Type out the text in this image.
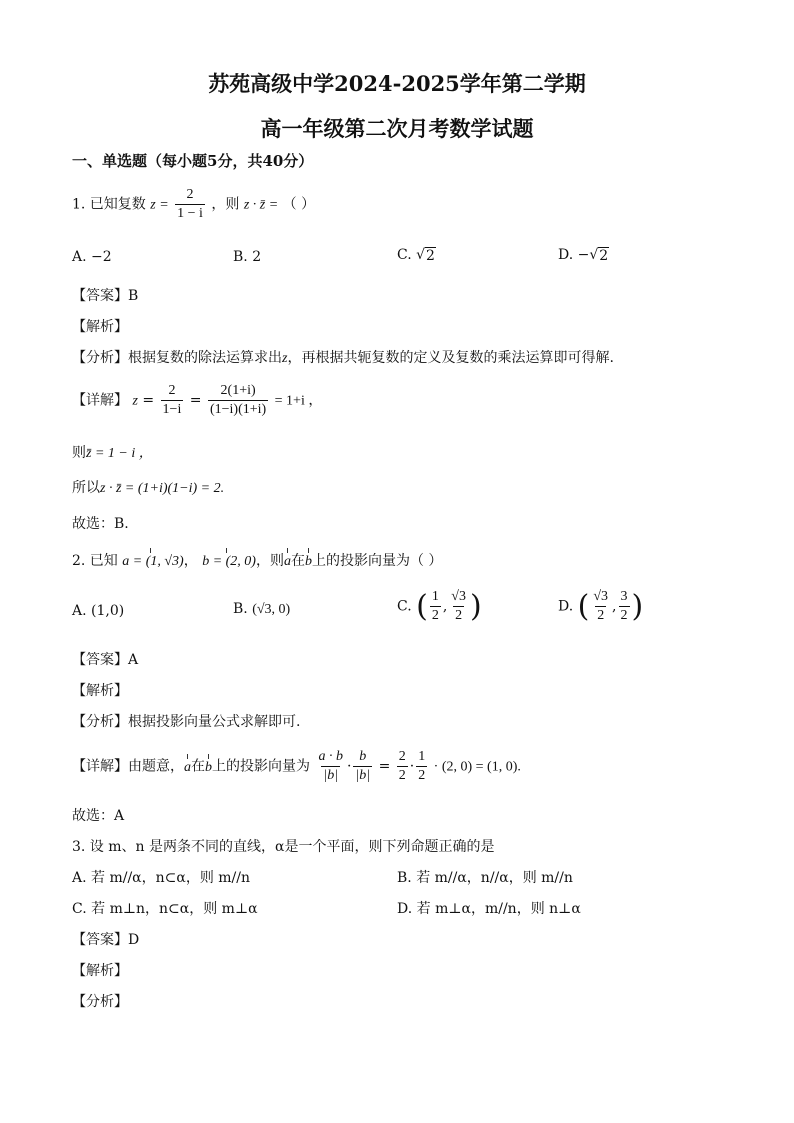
苏苑高级中学2024-2025学年第二学期
高一年级第二次月考数学试题
一、单选题（每小题5分，共40分）
1. 已知复数 $z = \frac{2}{1 - i}$ ，则 z · z̄ = （ ）
A. −2	B. 2	C. √ 2	D. − √ 2
【答案】B
【解析】
【分析】根据复数的除法运算求出z，再根据共轭复数的定义及复数的乘法运算即可得解.
【详解】 $z = \frac{2}{1-i} = \frac{2(1+i)}{(1-i)(1+i)} = 1+i$ ，
则z̄ = 1 − i ，
所以z · z̄ = (1+i)(1−i) = 2.
故选：B.
2. 已知 a = (1, √3)， b = (2, 0)，则a在b上的投影向量为（ ）
A. (1,0)	B. (√3, 0)	C. ( $\frac{1}{2}$ , $\frac{√3}{2}$ )	D. ( $\frac{√3}{2}$ , $\frac{3}{2}$ )
【答案】A
【解析】
【分析】根据投影向量公式求解即可.
【详解】由题意，a在b上的投影向量为 $\frac{a \cdot b}{|b|} \cdot \frac{b}{|b|} = \frac{2}{2} \cdot \frac{1}{2} \cdot (2$, 0) = (1, 0).
故选：A
3. 设 m、n 是两条不同的直线，α是一个平面，则下列命题正确的是
A. 若 m//α，n⊂α，则 m//n	B. 若 m//α，n//α，则 m//n
C. 若 m⊥n，n⊂α，则 m⊥α	D. 若 m⊥α，m//n，则 n⊥α
【答案】D
【解析】
【分析】
